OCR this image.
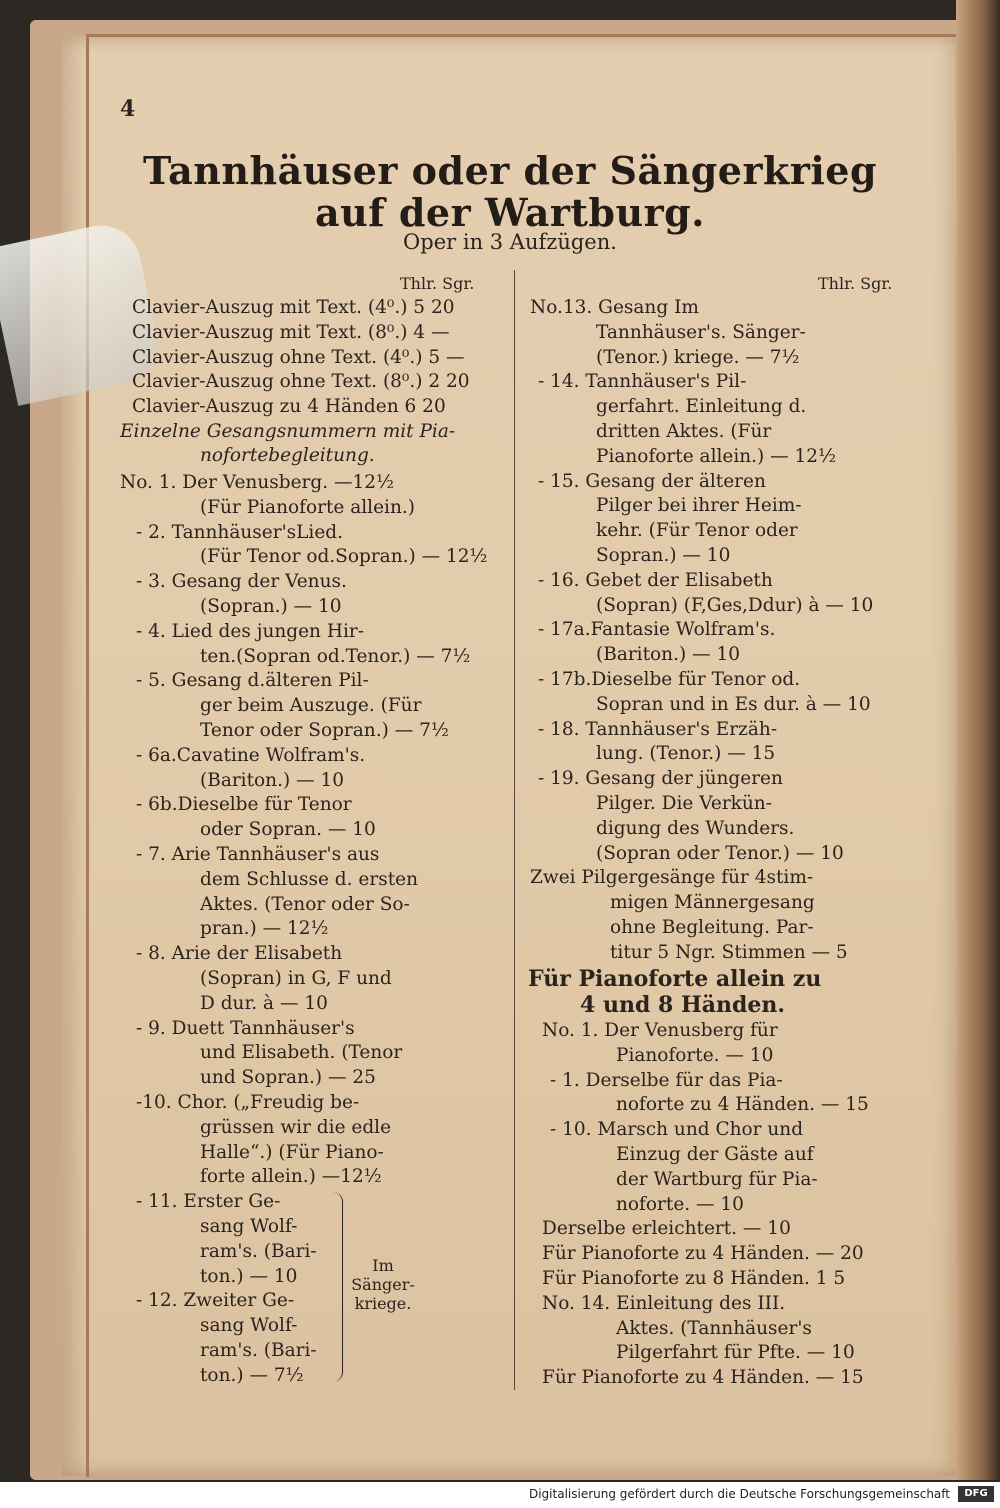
4
Tannhäuser oder der Sängerkrieg
auf der Wartburg.
Oper in 3 Aufzügen.
Thlr. Sgr.	Thlr. Sgr.
Clavier-Auszug mit Text. (4⁰.) 5 20
Clavier-Auszug mit Text. (8⁰.) 4 —
Clavier-Auszug ohne Text. (4⁰.) 5 —
Clavier-Auszug ohne Text. (8⁰.) 2 20
Clavier-Auszug zu 4 Händen 6 20
Einzelne Gesangsnummern mit Pia-
nofortebegleitung.
No. 1. Der Venusberg. —12½
(Für Pianoforte allein.)
- 2. Tannhäuser'sLied.
(Für Tenor od.Sopran.) — 12½
- 3. Gesang der Venus.
(Sopran.) — 10
- 4. Lied des jungen Hir-
ten.(Sopran od.Tenor.) — 7½
- 5. Gesang d.älteren Pil-
ger beim Auszuge. (Für
Tenor oder Sopran.) — 7½
- 6a.Cavatine Wolfram's.
(Bariton.) — 10
- 6b.Dieselbe für Tenor
oder Sopran. — 10
- 7. Arie Tannhäuser's aus
dem Schlusse d. ersten
Aktes. (Tenor oder So-
pran.) — 12½
- 8. Arie der Elisabeth
(Sopran) in G, F und
D dur. à — 10
- 9. Duett Tannhäuser's
und Elisabeth. (Tenor
und Sopran.) — 25
-10. Chor. („Freudig be-
grüssen wir die edle
Halle“.) (Für Piano-
forte allein.) —12½
- 11. Erster Ge-
sang Wolf-
ram's. (Bari-
ton.) — 10
- 12. Zweiter Ge-
sang Wolf-
ram's. (Bari-
ton.) — 7½
Im
Sänger-
kriege.
No.13. Gesang Im
Tannhäuser's. Sänger-
(Tenor.) kriege. — 7½
- 14. Tannhäuser's Pil-
gerfahrt. Einleitung d.
dritten Aktes. (Für
Pianoforte allein.) — 12½
- 15. Gesang der älteren
Pilger bei ihrer Heim-
kehr. (Für Tenor oder
Sopran.) — 10
- 16. Gebet der Elisabeth
(Sopran) (F,Ges,Ddur) à — 10
- 17a.Fantasie Wolfram's.
(Bariton.) — 10
- 17b.Dieselbe für Tenor od.
Sopran und in Es dur. à — 10
- 18. Tannhäuser's Erzäh-
lung. (Tenor.) — 15
- 19. Gesang der jüngeren
Pilger. Die Verkün-
digung des Wunders.
(Sopran oder Tenor.) — 10
Zwei Pilgergesänge für 4stim-
migen Männergesang
ohne Begleitung. Par-
titur 5 Ngr. Stimmen — 5
Für Pianoforte allein zu
4 und 8 Händen.
No. 1. Der Venusberg für
Pianoforte. — 10
- 1. Derselbe für das Pia-
noforte zu 4 Händen. — 15
- 10. Marsch und Chor und
Einzug der Gäste auf
der Wartburg für Pia-
noforte. — 10
Derselbe erleichtert. — 10
Für Pianoforte zu 4 Händen. — 20
Für Pianoforte zu 8 Händen. 1 5
No. 14. Einleitung des III.
Aktes. (Tannhäuser's
Pilgerfahrt für Pfte. — 10
Für Pianoforte zu 4 Händen. — 15
Digitalisierung gefördert durch die Deutsche Forschungsgemeinschaft	DFG
